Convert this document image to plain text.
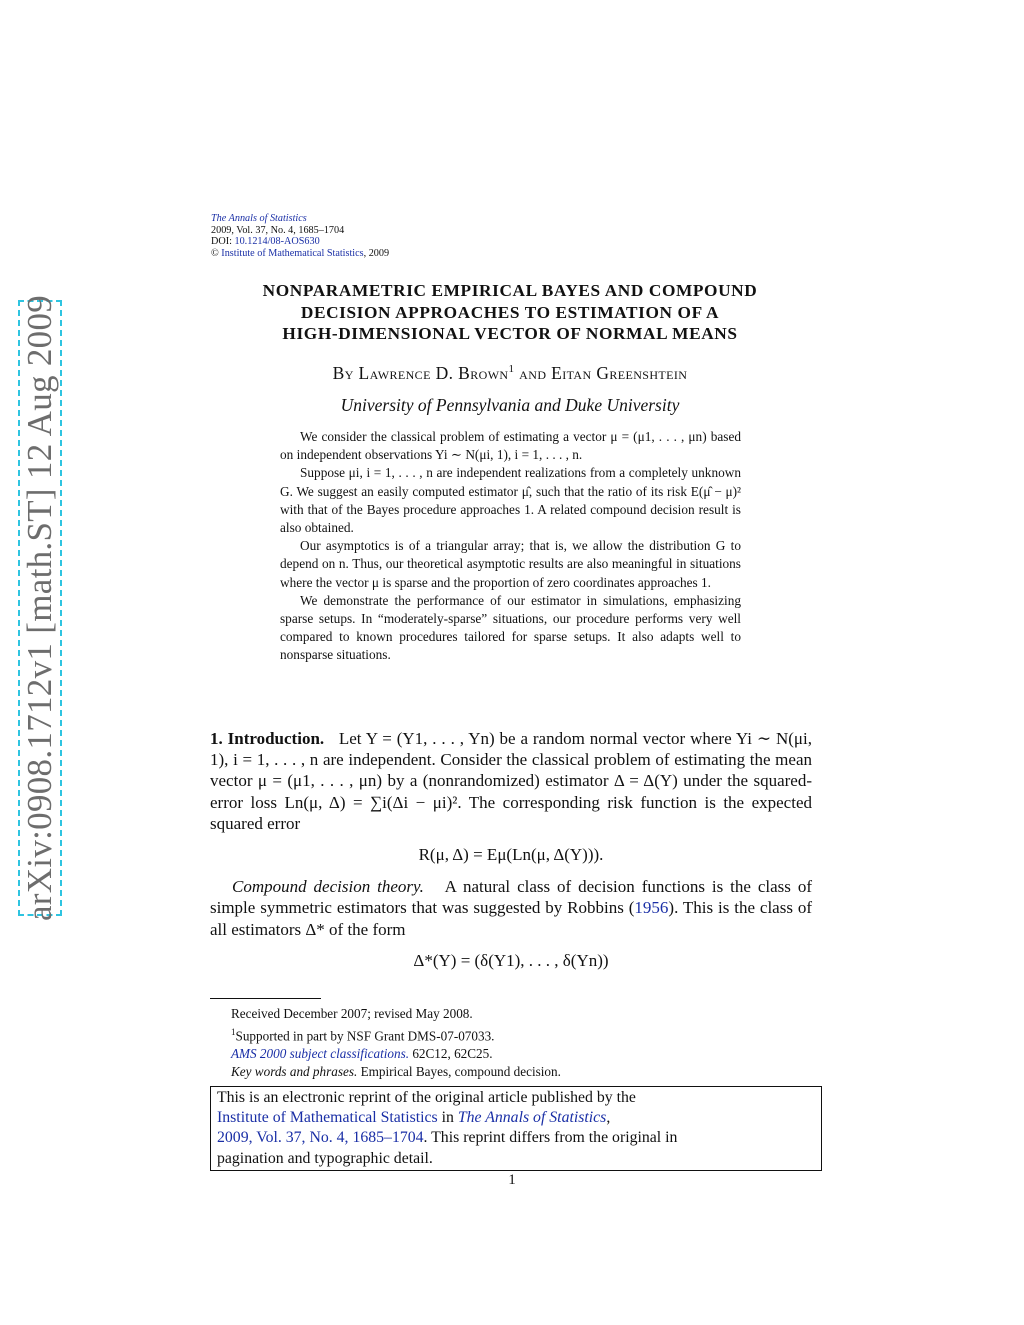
arXiv:0908.1712v1 [math.ST] 12 Aug 2009
The Annals of Statistics
2009, Vol. 37, No. 4, 1685–1704
DOI: 10.1214/08-AOS630
© Institute of Mathematical Statistics, 2009
NONPARAMETRIC EMPIRICAL BAYES AND COMPOUND
DECISION APPROACHES TO ESTIMATION OF A
HIGH-DIMENSIONAL VECTOR OF NORMAL MEANS
By Lawrence D. Brown$^1$ and Eitan Greenshtein
University of Pennsylvania and Duke University

We consider the classical problem of estimating a vector μ = (μ1, . . . , μn) based on independent observations Yi ∼ N(μi, 1), i = 1, . . . , n.

Suppose μi, i = 1, . . . , n are independent realizations from a completely unknown G. We suggest an easily computed estimator μ̂, such that the ratio of its risk E(μ̂ − μ)² with that of the Bayes procedure approaches 1. A related compound decision result is also obtained.

Our asymptotics is of a triangular array; that is, we allow the distribution G to depend on n. Thus, our theoretical asymptotic results are also meaningful in situations where the vector μ is sparse and the proportion of zero coordinates approaches 1.

We demonstrate the performance of our estimator in simulations, emphasizing sparse setups. In “moderately-sparse” situations, our procedure performs very well compared to known procedures tailored for sparse setups. It also adapts well to nonsparse situations.

1. Introduction. Let Y = (Y1, . . . , Yn) be a random normal vector where Yi ∼ N(μi, 1), i = 1, . . . , n are independent. Consider the classical problem of estimating the mean vector μ = (μ1, . . . , μn) by a (nonrandomized) estimator Δ = Δ(Y) under the squared-error loss Ln(μ, Δ) = ∑i(Δi − μi)². The corresponding risk function is the expected squared error

R(μ, Δ) = Eμ(Ln(μ, Δ(Y))).

Compound decision theory. A natural class of decision functions is the class of simple symmetric estimators that was suggested by Robbins (1956). This is the class of all estimators Δ* of the form

Δ*(Y) = (δ(Y1), . . . , δ(Yn))

Received December 2007; revised May 2008.

$^1$Supported in part by NSF Grant DMS-07-07033.

AMS 2000 subject classifications. 62C12, 62C25.

Key words and phrases. Empirical Bayes, compound decision.

This is an electronic reprint of the original article published by the
Institute of Mathematical Statistics in The Annals of Statistics,
2009, Vol. 37, No. 4, 1685–1704. This reprint differs from the original in
pagination and typographic detail.
1
